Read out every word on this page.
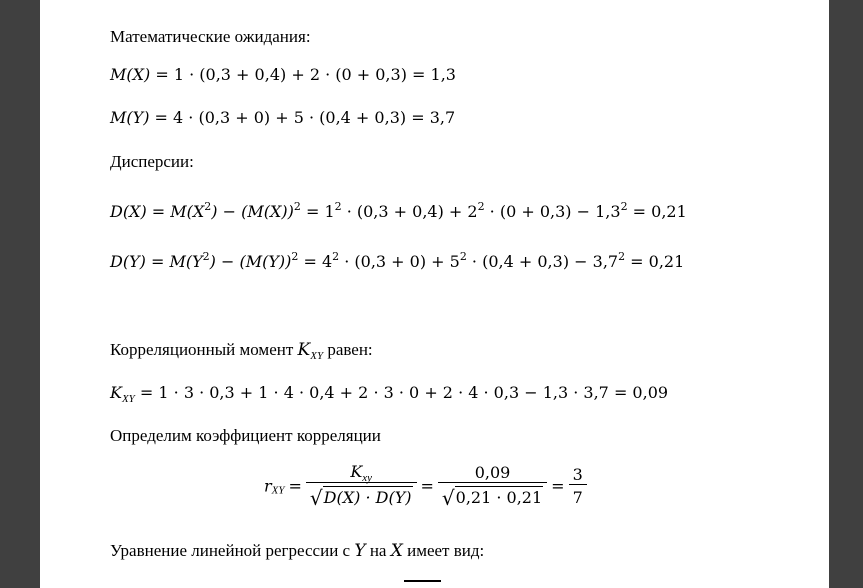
Математические ожидания:
M(X) = 1 · (0,3 + 0,4) + 2 · (0 + 0,3) = 1,3
M(Y) = 4 · (0,3 + 0) + 5 · (0,4 + 0,3) = 3,7
Дисперсии:
$D(X) = M(X^2) - (M(X))^2 = 1^2 \cdot (0,3 + 0,4) + 2^2 \cdot (0 + 0,3) - 1,3^2 = 0,21$
$D(Y) = M(Y^2) - (M(Y))^2 = 4^2 \cdot (0,3 + 0) + 5^2 \cdot (0,4 + 0,3) - 3,7^2 = 0,21$
Корреляционный момент $K_{XY}$ равен:
$K_{XY} = 1 \cdot 3 \cdot 0,3 + 1 \cdot 4 \cdot 0,4 + 2 \cdot 3 \cdot 0 + 2 \cdot 4 \cdot 0,3 - 1,3 \cdot 3,7 = 0,09$
Определим коэффициент корреляции
$r_{XY} = \frac{K_{xy}}{√D(X) \cdot D(Y)} = \frac{0,09}{√0,21 \cdot 0,21} = \frac{3}{7}$
Уравнение линейной регрессии с Y на X имеет вид:
